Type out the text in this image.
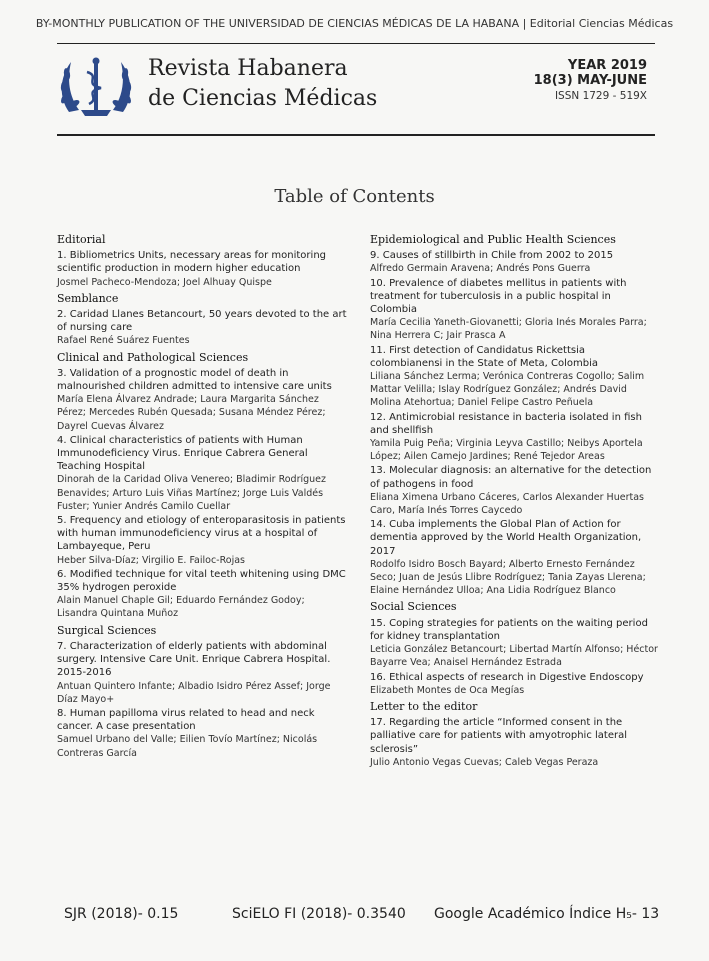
BY-MONTHLY PUBLICATION OF THE UNIVERSIDAD DE CIENCIAS MÉDICAS DE LA HABANA | Editorial Ciencias Médicas
Revista Habanera
de Ciencias Médicas
YEAR 2019
18(3) MAY-JUNE
ISSN 1729 - 519X
Table of Contents
Editorial
1. Bibliometrics Units, necessary areas for monitoring scientific production in modern higher education
Josmel Pacheco-Mendoza; Joel Alhuay Quispe
Semblance
2. Caridad Llanes Betancourt, 50 years devoted to the art of nursing care
Rafael René Suárez Fuentes
Clinical and Pathological Sciences
3. Validation of a prognostic model of death in malnourished children admitted to intensive care units
María Elena Álvarez Andrade; Laura Margarita Sánchez Pérez; Mercedes Rubén Quesada; Susana Méndez Pérez; Dayrel Cuevas Álvarez
4. Clinical characteristics of patients with Human Immunodeficiency Virus. Enrique Cabrera General Teaching Hospital
Dinorah de la Caridad Oliva Venereo; Bladimir Rodríguez Benavides; Arturo Luis Viñas Martínez; Jorge Luis Valdés Fuster; Yunier Andrés Camilo Cuellar
5. Frequency and etiology of enteroparasitosis in patients with human immunodeficiency virus at a hospital of Lambayeque, Peru
Heber Silva-Díaz; Virgilio E. Failoc-Rojas
6. Modified technique for vital teeth whitening using DMC 35% hydrogen peroxide
Alain Manuel Chaple Gil; Eduardo Fernández Godoy; Lisandra Quintana Muñoz
Surgical Sciences
7. Characterization of elderly patients with abdominal surgery. Intensive Care Unit. Enrique Cabrera Hospital. 2015-2016
Antuan Quintero Infante; Albadio Isidro Pérez Assef; Jorge Díaz Mayo+
8. Human papilloma virus related to head and neck cancer. A case presentation
Samuel Urbano del Valle; Eilien Tovío Martínez; Nicolás Contreras García
Epidemiological and Public Health Sciences
9. Causes of stillbirth in Chile from 2002 to 2015
Alfredo Germain Aravena; Andrés Pons Guerra
10. Prevalence of diabetes mellitus in patients with treatment for tuberculosis in a public hospital in Colombia
María Cecilia Yaneth-Giovanetti; Gloria Inés Morales Parra; Nina Herrera C; Jair Prasca A
11. First detection of Candidatus Rickettsia colombianensi in the State of Meta, Colombia
Liliana Sánchez Lerma; Verónica Contreras Cogollo; Salim Mattar Velilla; Islay Rodríguez González; Andrés David Molina Atehortua; Daniel Felipe Castro Peñuela
12. Antimicrobial resistance in bacteria isolated in fish and shellfish
Yamila Puig Peña; Virginia Leyva Castillo; Neibys Aportela López; Ailen Camejo Jardines; René Tejedor Areas
13. Molecular diagnosis: an alternative for the detection of pathogens in food
Eliana Ximena Urbano Cáceres, Carlos Alexander Huertas Caro, María Inés Torres Caycedo
14. Cuba implements the Global Plan of Action for dementia approved by the World Health Organization, 2017
Rodolfo Isidro Bosch Bayard; Alberto Ernesto Fernández Seco; Juan de Jesús Llibre Rodríguez; Tania Zayas Llerena; Elaine Hernández Ulloa; Ana Lidia Rodríguez Blanco
Social Sciences
15. Coping strategies for patients on the waiting period for kidney transplantation
Leticia González Betancourt; Libertad Martín Alfonso; Héctor Bayarre Vea; Anaisel Hernández Estrada
16. Ethical aspects of research in Digestive Endoscopy
Elizabeth Montes de Oca Megías
Letter to the editor
17. Regarding the article “Informed consent in the palliative care for patients with amyotrophic lateral sclerosis”
Julio Antonio Vegas Cuevas; Caleb Vegas Peraza
SJR (2018)- 0.15	SciELO FI (2018)- 0.3540 Google Académico Índice H₅- 13
